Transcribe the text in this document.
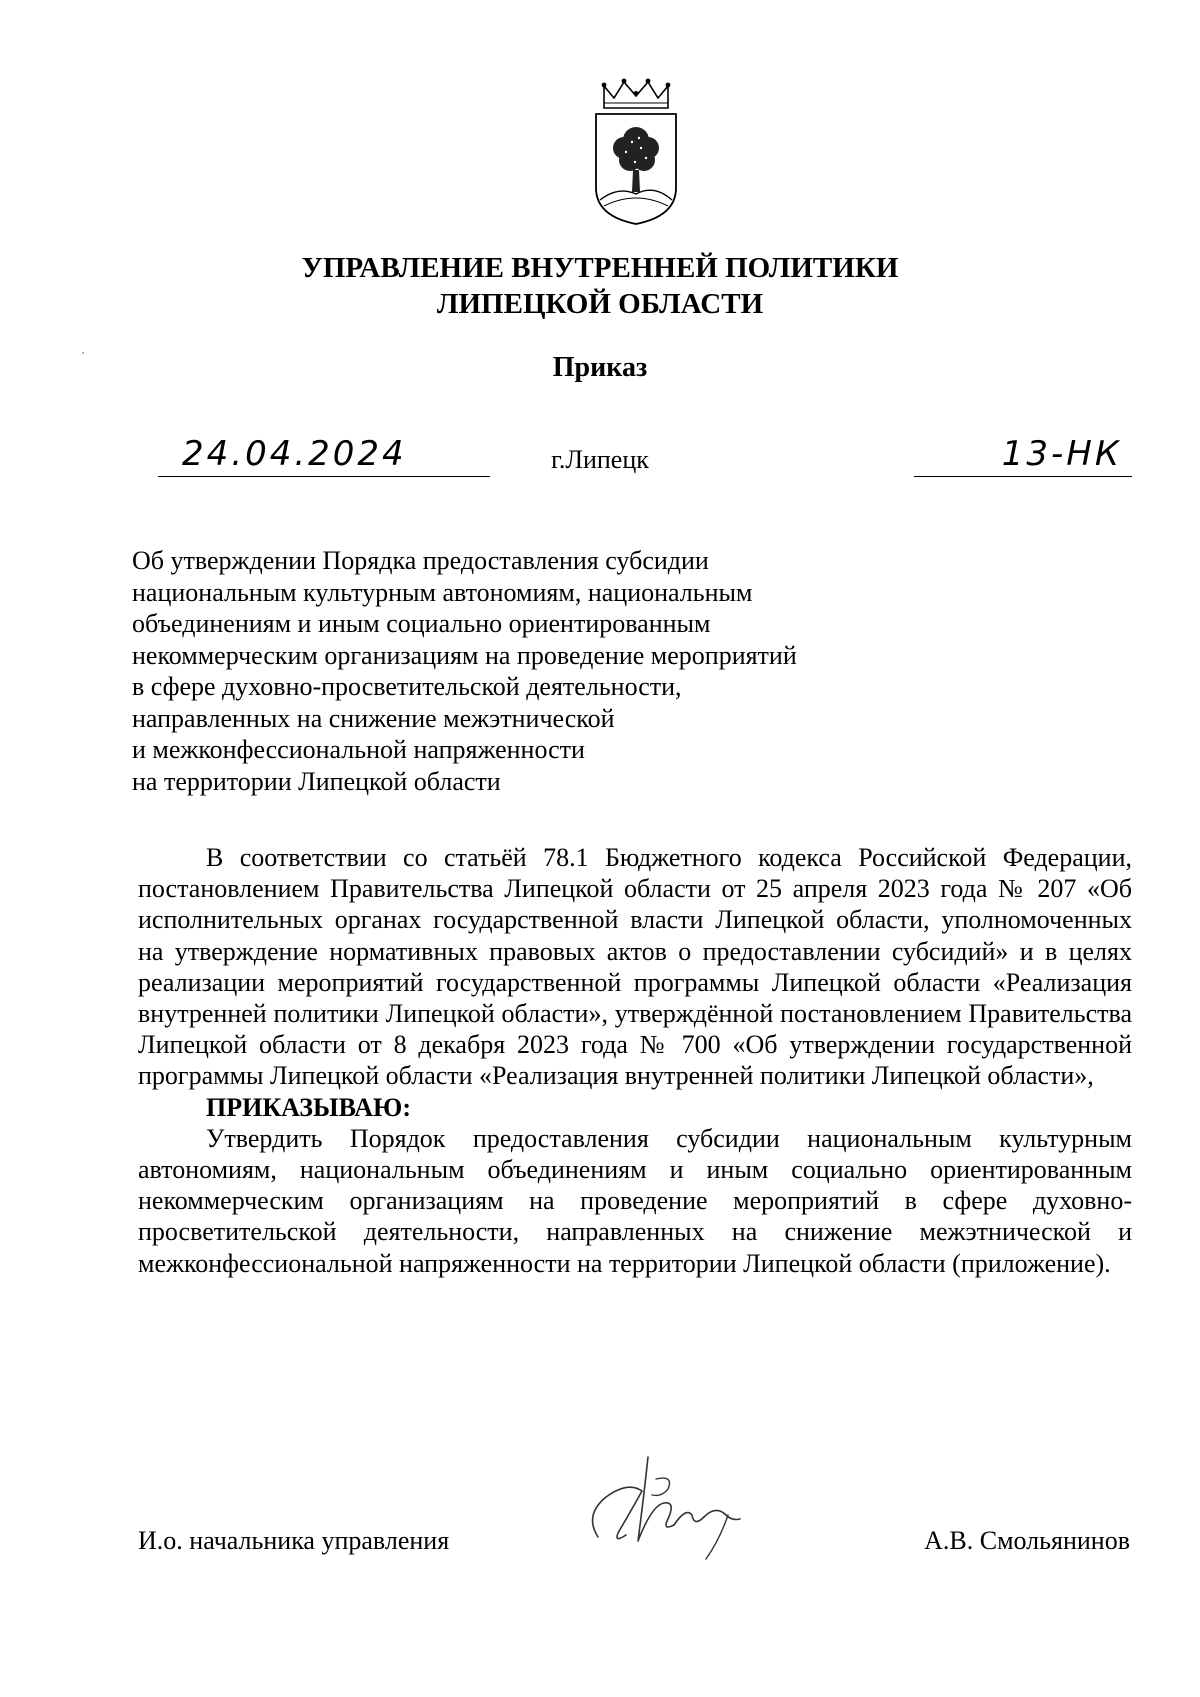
УПРАВЛЕНИЕ ВНУТРЕННЕЙ ПОЛИТИКИ
ЛИПЕЦКОЙ ОБЛАСТИ
Приказ
24.04.2024	г.Липецк	13-НК
Об утверждении Порядка предоставления субсидии
национальным культурным автономиям, национальным
объединениям и иным социально ориентированным
некоммерческим организациям на проведение мероприятий
в сфере духовно-просветительской деятельности,
направленных на снижение межэтнической
и межконфессиональной напряженности
на территории Липецкой области

В соответствии со статьёй 78.1 Бюджетного кодекса Российской Федерации, постановлением Правительства Липецкой области от 25 апреля 2023 года № 207 «Об исполнительных органах государственной власти Липецкой области, уполномоченных на утверждение нормативных правовых актов о предоставлении субсидий» и в целях реализации мероприятий государственной программы Липецкой области «Реализация внутренней политики Липецкой области», утверждённой постановлением Правительства Липецкой области от 8 декабря 2023 года № 700 «Об утверждении государственной программы Липецкой области «Реализация внутренней политики Липецкой области»,

ПРИКАЗЫВАЮ:

Утвердить Порядок предоставления субсидии национальным культурным автономиям, национальным объединениям и иным социально ориентированным некоммерческим организациям на проведение мероприятий в сфере духовно-просветительской деятельности, направленных на снижение межэтнической и межконфессиональной напряженности на территории Липецкой области (приложение).

И.о. начальника управления	А.В. Смольянинов
